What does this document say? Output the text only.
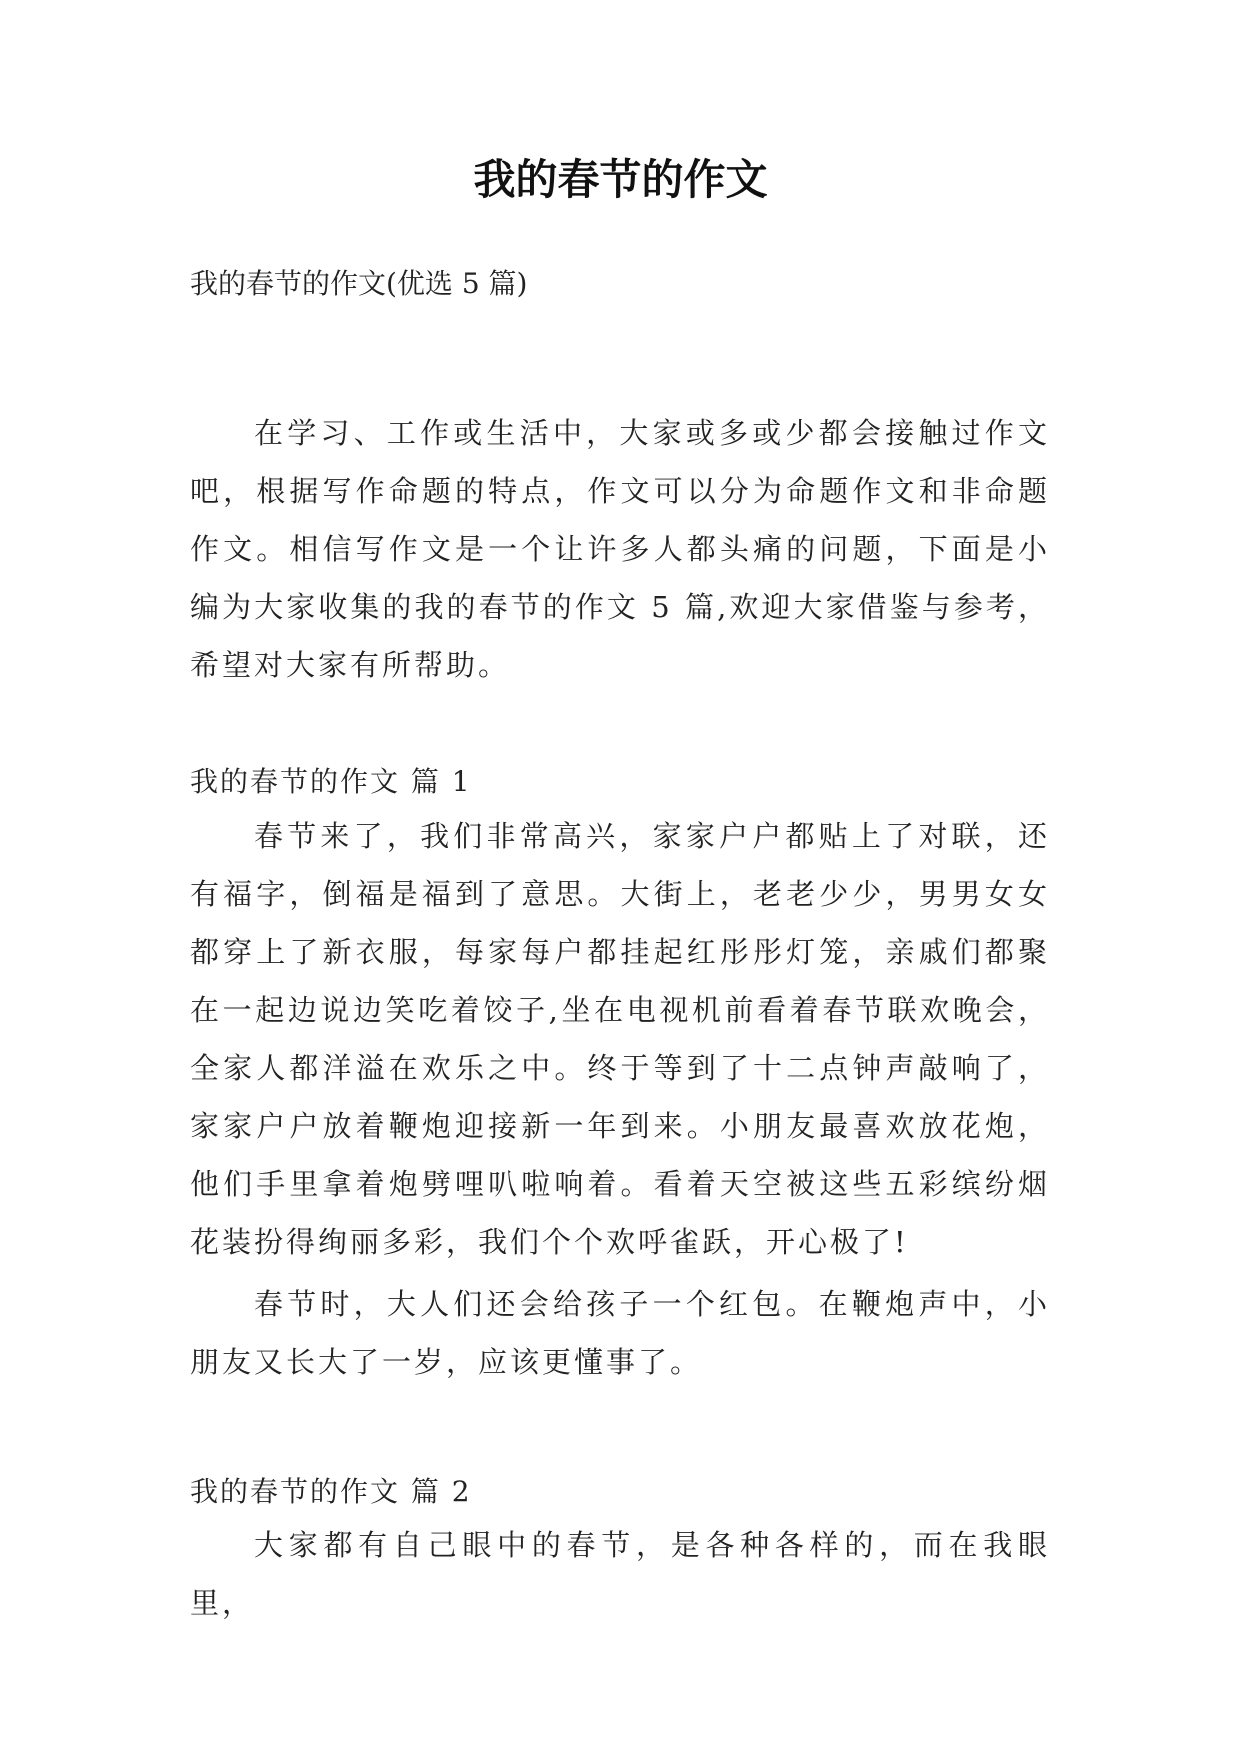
我的春节的作文
我的春节的作文(优选 5 篇)

在学习、工作或生活中，大家或多或少都会接触过作文吧，根据写作命题的特点，作文可以分为命题作文和非命题作文。相信写作文是一个让许多人都头痛的问题，下面是小编为大家收集的我的春节的作文 5 篇,欢迎大家借鉴与参考，希望对大家有所帮助。

我的春节的作文 篇 1

春节来了，我们非常高兴，家家户户都贴上了对联，还有福字，倒福是福到了意思。大街上，老老少少，男男女女都穿上了新衣服，每家每户都挂起红彤彤灯笼，亲戚们都聚在一起边说边笑吃着饺子,坐在电视机前看着春节联欢晚会，全家人都洋溢在欢乐之中。终于等到了十二点钟声敲响了，家家户户放着鞭炮迎接新一年到来。小朋友最喜欢放花炮，他们手里拿着炮劈哩叭啦响着。看着天空被这些五彩缤纷烟花装扮得绚丽多彩，我们个个欢呼雀跃，开心极了!

春节时，大人们还会给孩子一个红包。在鞭炮声中，小朋友又长大了一岁，应该更懂事了。

我的春节的作文 篇 2

大家都有自己眼中的春节，是各种各样的，而在我眼里，
